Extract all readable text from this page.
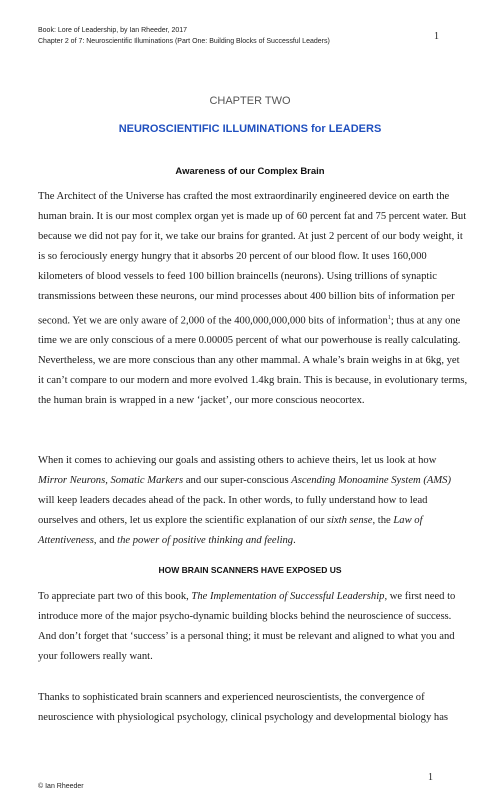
Book: Lore of Leadership, by Ian Rheeder, 2017
Chapter 2 of 7: Neuroscientific Illuminations (Part One: Building Blocks of Successful Leaders)	1
CHAPTER TWO
NEUROSCIENTIFIC ILLUMINATIONS for LEADERS
Awareness of our Complex Brain

The Architect of the Universe has crafted the most extraordinarily engineered device on earth the human brain. It is our most complex organ yet is made up of 60 percent fat and 75 percent water. But because we did not pay for it, we take our brains for granted. At just 2 percent of our body weight, it is so ferociously energy hungry that it absorbs 20 percent of our blood flow. It uses 160,000 kilometers of blood vessels to feed 100 billion braincells (neurons). Using trillions of synaptic transmissions between these neurons, our mind processes about 400 billion bits of information per second. Yet we are only aware of 2,000 of the 400,000,000,000 bits of information$^1$; thus at any one time we are only conscious of a mere 0.00005 percent of what our powerhouse is really calculating. Nevertheless, we are more conscious than any other mammal. A whale’s brain weighs in at 6kg, yet it can’t compare to our modern and more evolved 1.4kg brain. This is because, in evolutionary terms, the human brain is wrapped in a new ‘jacket’, our more conscious neocortex.

When it comes to achieving our goals and assisting others to achieve theirs, let us look at how Mirror Neurons, Somatic Markers and our super-conscious Ascending Monoamine System (AMS) will keep leaders decades ahead of the pack. In other words, to fully understand how to lead ourselves and others, let us explore the scientific explanation of our sixth sense, the Law of Attentiveness, and the power of positive thinking and feeling.

HOW BRAIN SCANNERS HAVE EXPOSED US

To appreciate part two of this book, The Implementation of Successful Leadership, we first need to introduce more of the major psycho-dynamic building blocks behind the neuroscience of success. And don’t forget that ‘success’ is a personal thing; it must be relevant and aligned to what you and your followers really want.

Thanks to sophisticated brain scanners and experienced neuroscientists, the convergence of neuroscience with physiological psychology, clinical psychology and developmental biology has

© Ian Rheeder
1
